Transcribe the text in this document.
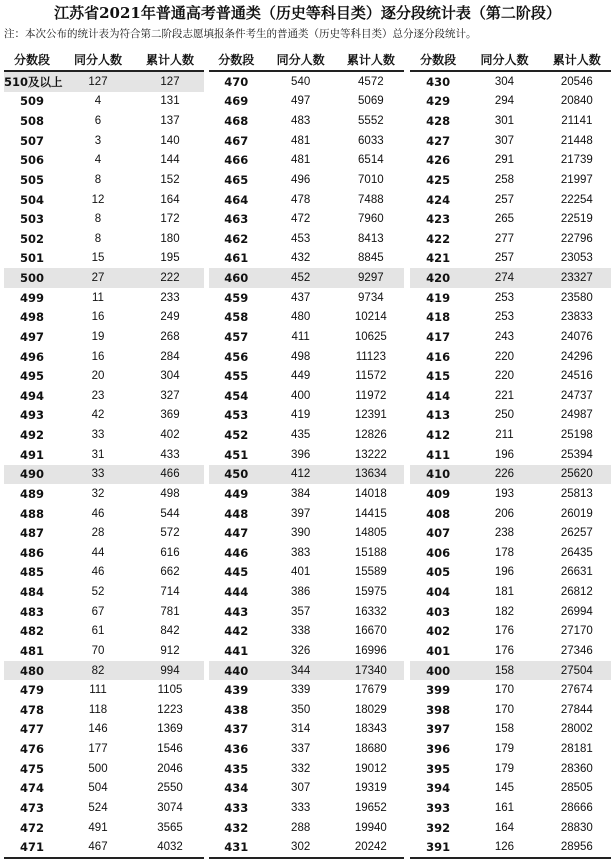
江苏省2021年普通高考普通类（历史等科目类）逐分段统计表（第二阶段）
注：本次公布的统计表为符合第二阶段志愿填报条件考生的普通类（历史等科目类）总分逐分段统计。
分数段	同分人数	累计人数
510及以上	127	127
509	4	131
508	6	137
507	3	140
506	4	144
505	8	152
504	12	164
503	8	172
502	8	180
501	15	195
500	27	222
499	11	233
498	16	249
497	19	268
496	16	284
495	20	304
494	23	327
493	42	369
492	33	402
491	31	433
490	33	466
489	32	498
488	46	544
487	28	572
486	44	616
485	46	662
484	52	714
483	67	781
482	61	842
481	70	912
480	82	994
479	111	1105
478	118	1223
477	146	1369
476	177	1546
475	500	2046
474	504	2550
473	524	3074
472	491	3565
471	467	4032
分数段	同分人数	累计人数
470	540	4572
469	497	5069
468	483	5552
467	481	6033
466	481	6514
465	496	7010
464	478	7488
463	472	7960
462	453	8413
461	432	8845
460	452	9297
459	437	9734
458	480	10214
457	411	10625
456	498	11123
455	449	11572
454	400	11972
453	419	12391
452	435	12826
451	396	13222
450	412	13634
449	384	14018
448	397	14415
447	390	14805
446	383	15188
445	401	15589
444	386	15975
443	357	16332
442	338	16670
441	326	16996
440	344	17340
439	339	17679
438	350	18029
437	314	18343
436	337	18680
435	332	19012
434	307	19319
433	333	19652
432	288	19940
431	302	20242
分数段	同分人数	累计人数
430	304	20546
429	294	20840
428	301	21141
427	307	21448
426	291	21739
425	258	21997
424	257	22254
423	265	22519
422	277	22796
421	257	23053
420	274	23327
419	253	23580
418	253	23833
417	243	24076
416	220	24296
415	220	24516
414	221	24737
413	250	24987
412	211	25198
411	196	25394
410	226	25620
409	193	25813
408	206	26019
407	238	26257
406	178	26435
405	196	26631
404	181	26812
403	182	26994
402	176	27170
401	176	27346
400	158	27504
399	170	27674
398	170	27844
397	158	28002
396	179	28181
395	179	28360
394	145	28505
393	161	28666
392	164	28830
391	126	28956
